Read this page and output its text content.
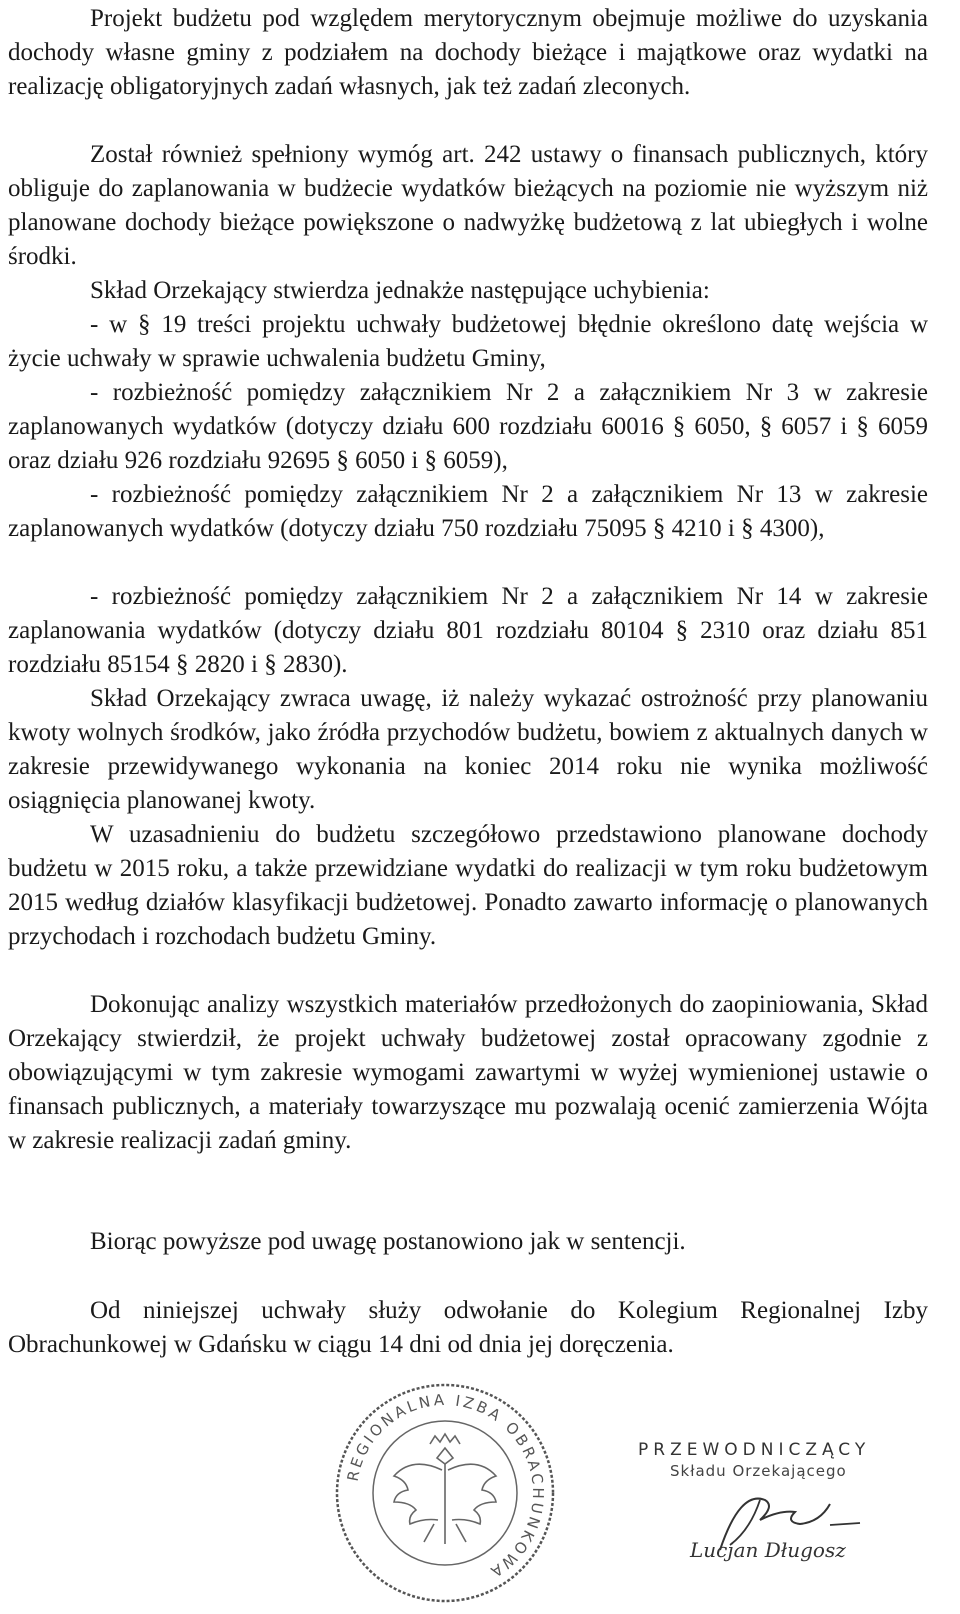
Projekt budżetu pod względem merytorycznym obejmuje możliwe do uzyskania dochody własne gminy z podziałem na dochody bieżące i majątkowe oraz wydatki na realizację obligatoryjnych zadań własnych, jak też zadań zleconych.

Został również spełniony wymóg art. 242 ustawy o finansach publicznych, który obliguje do zaplanowania w budżecie wydatków bieżących na poziomie nie wyższym niż planowane dochody bieżące powiększone o nadwyżkę budżetową z lat ubiegłych i wolne środki.

Skład Orzekający stwierdza jednakże następujące uchybienia:

- w § 19 treści projektu uchwały budżetowej błędnie określono datę wejścia w życie uchwały w sprawie uchwalenia budżetu Gminy,

- rozbieżność pomiędzy załącznikiem Nr 2 a załącznikiem Nr 3 w zakresie zaplanowanych wydatków (dotyczy działu 600 rozdziału 60016 § 6050, § 6057 i § 6059 oraz działu 926 rozdziału 92695 § 6050 i § 6059),

- rozbieżność pomiędzy załącznikiem Nr 2 a załącznikiem Nr 13 w zakresie zaplanowanych wydatków (dotyczy działu 750 rozdziału 75095 § 4210 i § 4300),

- rozbieżność pomiędzy załącznikiem Nr 2 a załącznikiem Nr 14 w zakresie zaplanowania wydatków (dotyczy działu 801 rozdziału 80104 § 2310 oraz działu 851 rozdziału 85154 § 2820 i § 2830).

Skład Orzekający zwraca uwagę, iż należy wykazać ostrożność przy planowaniu kwoty wolnych środków, jako źródła przychodów budżetu, bowiem z aktualnych danych w zakresie przewidywanego wykonania na koniec 2014 roku nie wynika możliwość osiągnięcia planowanej kwoty.

W uzasadnieniu do budżetu szczegółowo przedstawiono planowane dochody budżetu w 2015 roku, a także przewidziane wydatki do realizacji w tym roku budżetowym 2015 według działów klasyfikacji budżetowej. Ponadto zawarto informację o planowanych przychodach i rozchodach budżetu Gminy.

Dokonując analizy wszystkich materiałów przedłożonych do zaopiniowania, Skład Orzekający stwierdził, że projekt uchwały budżetowej został opracowany zgodnie z obowiązującymi w tym zakresie wymogami zawartymi w wyżej wymienionej ustawie o finansach publicznych, a materiały towarzyszące mu pozwalają ocenić zamierzenia Wójta w zakresie realizacji zadań gminy.

Biorąc powyższe pod uwagę postanowiono jak w sentencji.

Od niniejszej uchwały służy odwołanie do Kolegium Regionalnej Izby Obrachunkowej w Gdańsku w ciągu 14 dni od dnia jej doręczenia.

REGIONALNA IZBA OBRACHUNKOWA
PRZEWODNICZĄCY
Składu Orzekającego
Lucjan Długosz
